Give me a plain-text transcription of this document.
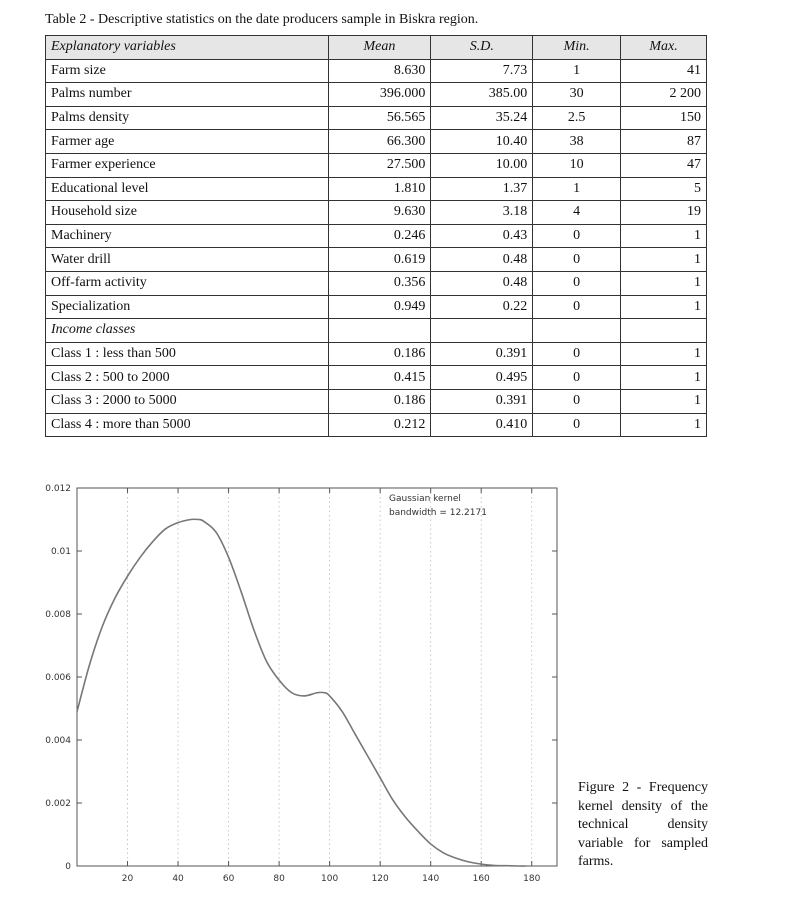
Table 2 - Descriptive statistics on the date producers sample in Biskra region.
Explanatory variables	Mean	S.D.	Min.	Max.
Farm size	8.630	7.73	1	41
Palms number	396.000	385.00	30	2 200
Palms density	56.565	35.24	2.5	150
Farmer age	66.300	10.40	38	87
Farmer experience	27.500	10.00	10	47
Educational level	1.810	1.37	1	5
Household size	9.630	3.18	4	19
Machinery	0.246	0.43	0	1
Water drill	0.619	0.48	0	1
Off-farm activity	0.356	0.48	0	1
Specialization	0.949	0.22	0	1
Income classes				
Class 1 : less than 500	0.186	0.391	0	1
Class 2 : 500 to 2000	0.415	0.495	0	1
Class 3 : 2000 to 5000	0.186	0.391	0	1
Class 4 : more than 5000	0.212	0.410	0	1
20	40	60	80	100	120	140	160	180
0
0.002
0.004
0.006
0.008
0.01
0.012
Gaussian kernel
bandwidth = 12.2171
Figure 2 - Frequency kernel density of the technical density variable for sampled farms.
